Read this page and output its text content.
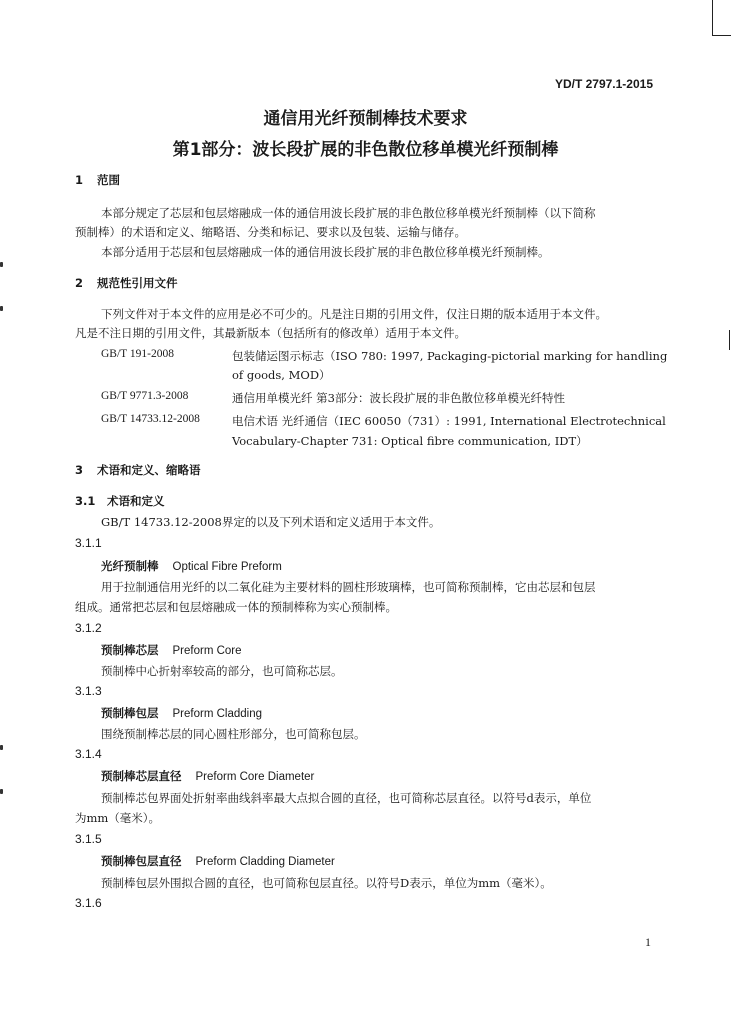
YD/T 2797.1-2015
通信用光纤预制棒技术要求
第1部分：波长段扩展的非色散位移单模光纤预制棒
1 范围
本部分规定了芯层和包层熔融成一体的通信用波长段扩展的非色散位移单模光纤预制棒（以下简称
预制棒）的术语和定义、缩略语、分类和标记、要求以及包装、运输与储存。
本部分适用于芯层和包层熔融成一体的通信用波长段扩展的非色散位移单模光纤预制棒。
2 规范性引用文件
下列文件对于本文件的应用是必不可少的。凡是注日期的引用文件，仅注日期的版本适用于本文件。
凡是不注日期的引用文件，其最新版本（包括所有的修改单）适用于本文件。
GB/T 191-2008	包装储运图示标志（ISO 780: 1997, Packaging-pictorial marking for handling
of goods, MOD）
GB/T 9771.3-2008	通信用单模光纤 第3部分：波长段扩展的非色散位移单模光纤特性
GB/T 14733.12-2008	电信术语 光纤通信（IEC 60050（731）: 1991, International Electrotechnical
Vocabulary-Chapter 731: Optical fibre communication, IDT）
3 术语和定义、缩略语
3.1 术语和定义
GB/T 14733.12-2008界定的以及下列术语和定义适用于本文件。
3.1.1
光纤预制棒 Optical Fibre Preform
用于拉制通信用光纤的以二氧化硅为主要材料的圆柱形玻璃棒，也可简称预制棒，它由芯层和包层
组成。通常把芯层和包层熔融成一体的预制棒称为实心预制棒。
3.1.2
预制棒芯层 Preform Core
预制棒中心折射率较高的部分，也可简称芯层。
3.1.3
预制棒包层 Preform Cladding
围绕预制棒芯层的同心圆柱形部分，也可简称包层。
3.1.4
预制棒芯层直径 Preform Core Diameter
预制棒芯包界面处折射率曲线斜率最大点拟合圆的直径，也可简称芯层直径。以符号d表示，单位
为mm（毫米）。
3.1.5
预制棒包层直径 Preform Cladding Diameter
预制棒包层外围拟合圆的直径，也可简称包层直径。以符号D表示，单位为mm（毫米）。
3.1.6
1
